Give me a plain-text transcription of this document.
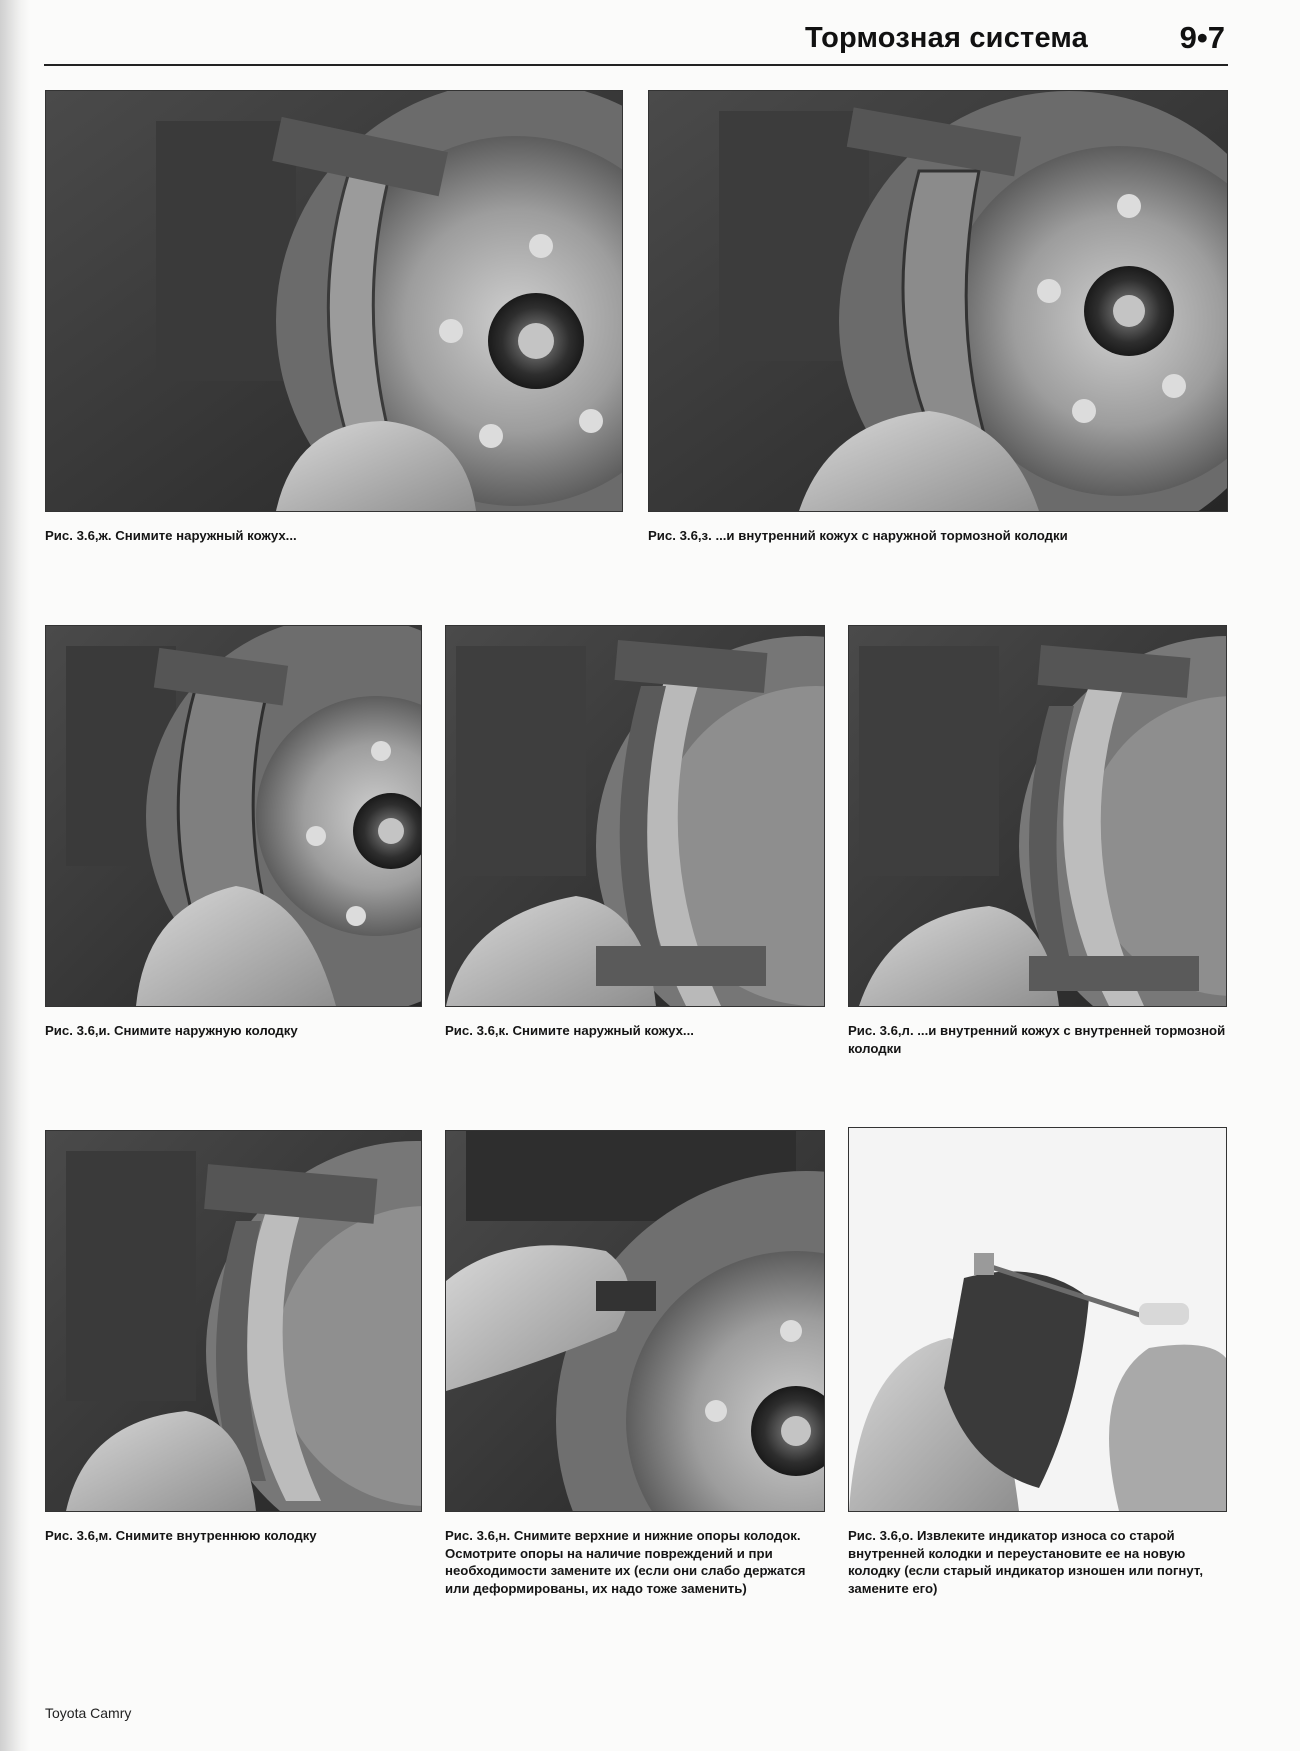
Тормозная система	9•7
Рис. 3.6,ж. Снимите наружный кожух...	Рис. 3.6,з. ...и внутренний кожух с наружной тормозной колодки
Рис. 3.6,и. Снимите наружную колодку	Рис. 3.6,к. Снимите наружный кожух...	Рис. 3.6,л. ...и внутренний кожух с внутренней тормозной колодки
Рис. 3.6,м. Снимите внутреннюю колодку	Рис. 3.6,н. Снимите верхние и нижние опоры колодок. Осмотрите опоры на наличие повреждений и при необходимости замените их (если они слабо держатся или деформированы, их надо тоже заменить)
Рис. 3.6,о. Извлеките индикатор износа со старой внутренней колодки и переустановите ее на новую колодку (если старый индикатор изношен или погнут, замените его)
Toyota Camry
